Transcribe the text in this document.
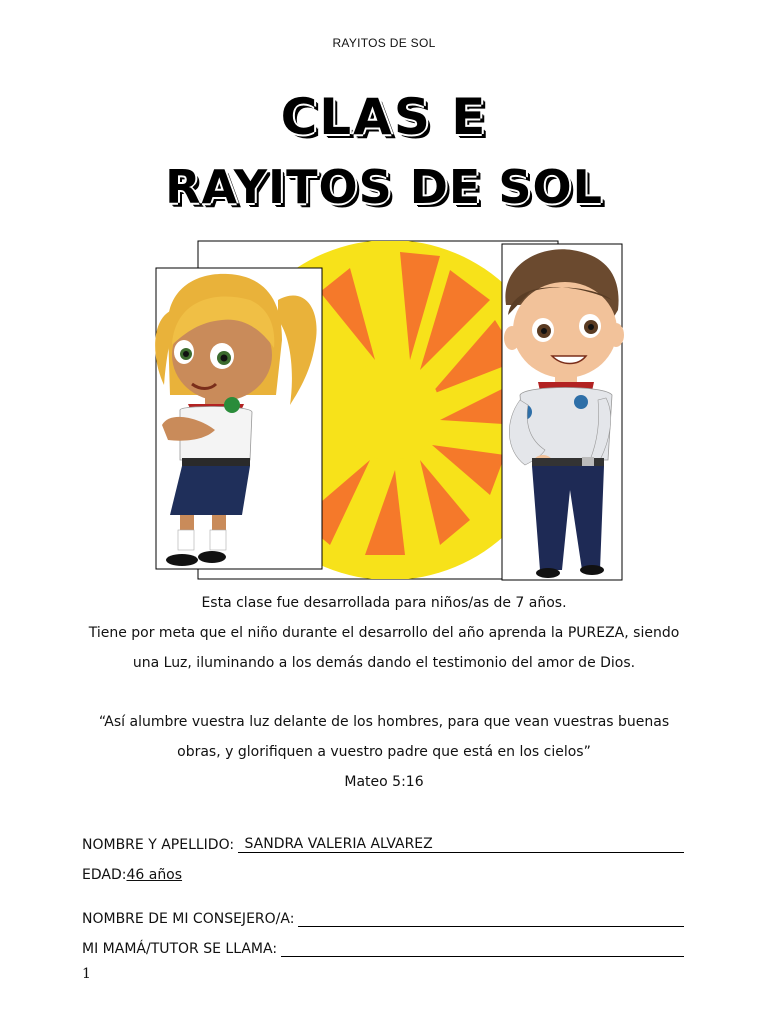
RAYITOS DE SOL
CLAS E
RAYITOS DE SOL
Esta clase fue desarrollada para niños/as de 7 años.
Tiene por meta que el niño durante el desarrollo del año aprenda la PUREZA, siendo
una Luz, iluminando a los demás dando el testimonio del amor de Dios.
“Así alumbre vuestra luz delante de los hombres, para que vean vuestras buenas
obras, y glorifiquen a vuestro padre que está en los cielos”
Mateo 5:16
NOMBRE Y APELLIDO: SANDRA VALERIA ALVAREZ
EDAD: 46 años
NOMBRE DE MI CONSEJERO/A:
MI MAMÁ/TUTOR SE LLAMA:
1
